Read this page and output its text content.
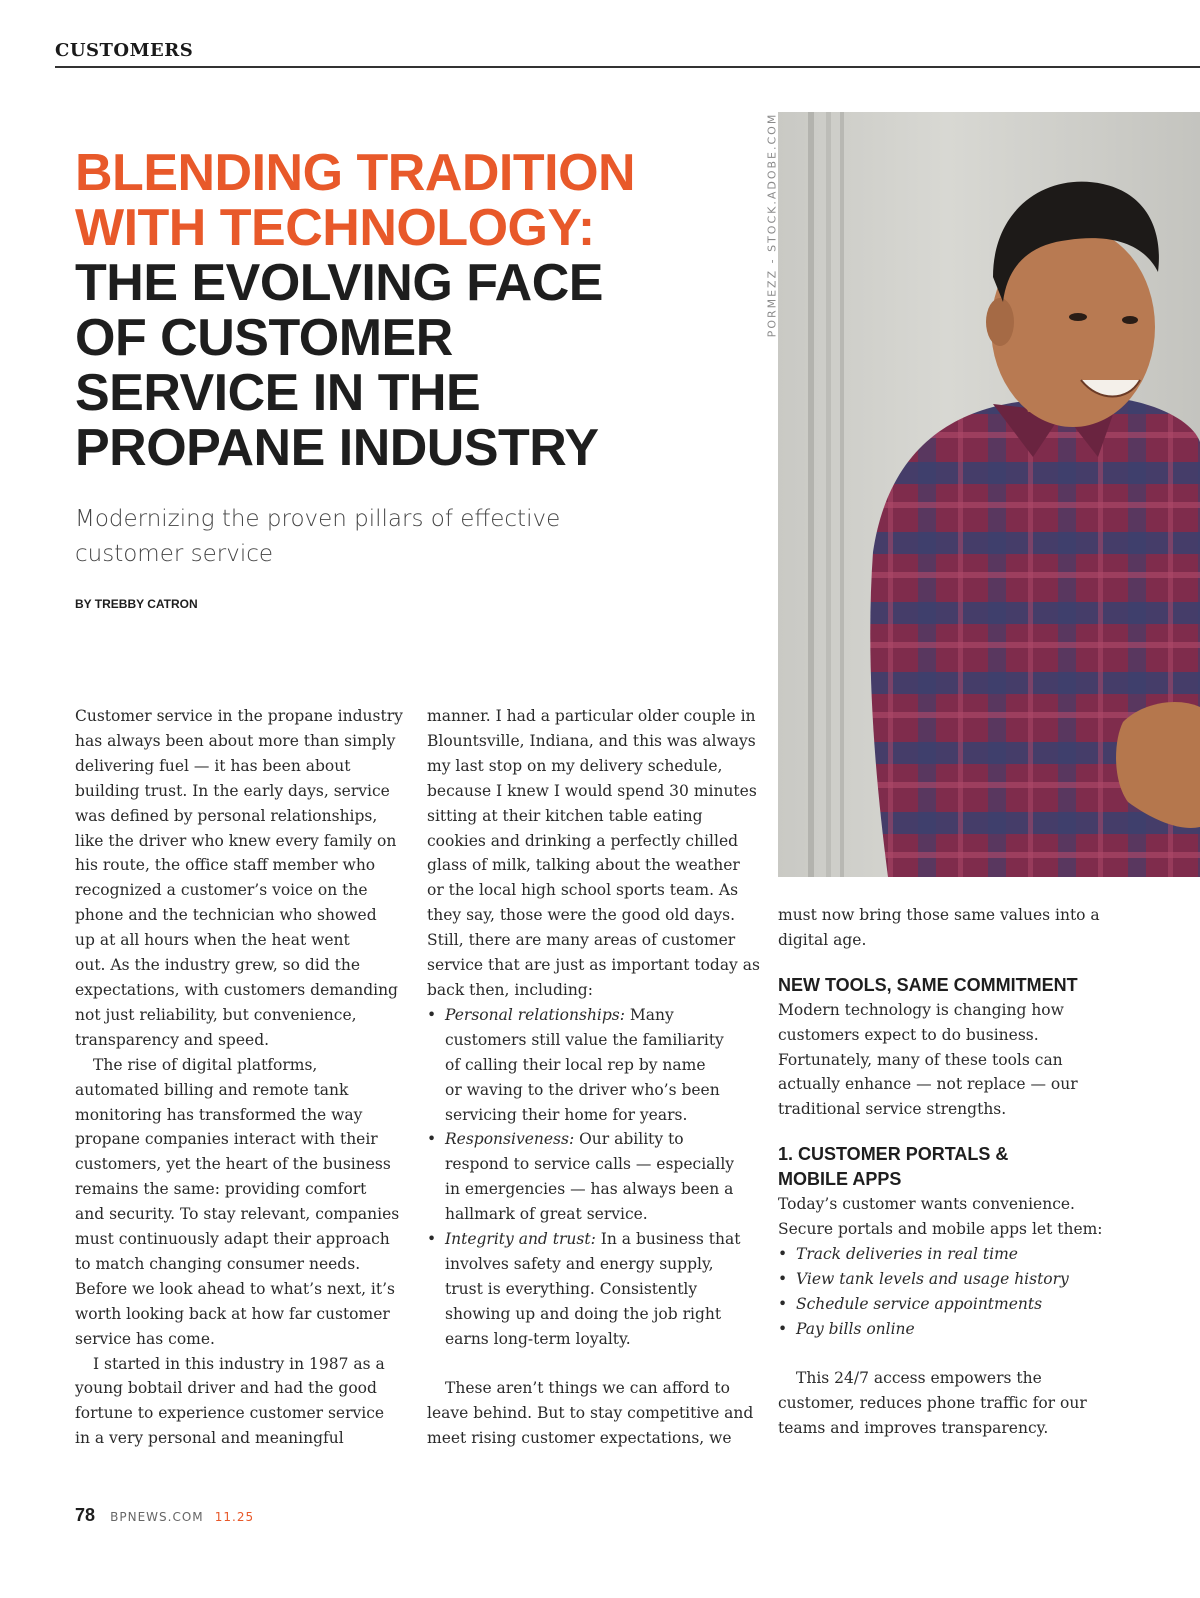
CUSTOMERS
BLENDING TRADITION
WITH TECHNOLOGY:
THE EVOLVING FACE
OF CUSTOMER
SERVICE IN THE
PROPANE INDUSTRY
Modernizing the proven pillars of effective
customer service
BY TREBBY CATRON
PORMEZZ - STOCK.ADOBE.COM
Customer service in the propane industry
has always been about more than simply
delivering fuel — it has been about
building trust. In the early days, service
was defined by personal relationships,
like the driver who knew every family on
his route, the office staff member who
recognized a customer’s voice on the
phone and the technician who showed
up at all hours when the heat went
out. As the industry grew, so did the
expectations, with customers demanding
not just reliability, but convenience,
transparency and speed.
The rise of digital platforms,
automated billing and remote tank
monitoring has transformed the way
propane companies interact with their
customers, yet the heart of the business
remains the same: providing comfort
and security. To stay relevant, companies
must continuously adapt their approach
to match changing consumer needs.
Before we look ahead to what’s next, it’s
worth looking back at how far customer
service has come.
I started in this industry in 1987 as a
young bobtail driver and had the good
fortune to experience customer service
in a very personal and meaningful
manner. I had a particular older couple in
Blountsville, Indiana, and this was always
my last stop on my delivery schedule,
because I knew I would spend 30 minutes
sitting at their kitchen table eating
cookies and drinking a perfectly chilled
glass of milk, talking about the weather
or the local high school sports team. As
they say, those were the good old days.
Still, there are many areas of customer
service that are just as important today as
back then, including:
• Personal relationships: Many
customers still value the familiarity
of calling their local rep by name
or waving to the driver who’s been
servicing their home for years.
• Responsiveness: Our ability to
respond to service calls — especially
in emergencies — has always been a
hallmark of great service.
• Integrity and trust: In a business that
involves safety and energy supply,
trust is everything. Consistently
showing up and doing the job right
earns long-term loyalty.
These aren’t things we can afford to
leave behind. But to stay competitive and
meet rising customer expectations, we
must now bring those same values into a
digital age.
NEW TOOLS, SAME COMMITMENT
Modern technology is changing how
customers expect to do business.
Fortunately, many of these tools can
actually enhance — not replace — our
traditional service strengths.
1. CUSTOMER PORTALS &
MOBILE APPS
Today’s customer wants convenience.
Secure portals and mobile apps let them:
• Track deliveries in real time
• View tank levels and usage history
• Schedule service appointments
• Pay bills online
This 24/7 access empowers the
customer, reduces phone traffic for our
teams and improves transparency.
78 BPNEWS.COM 11.25
